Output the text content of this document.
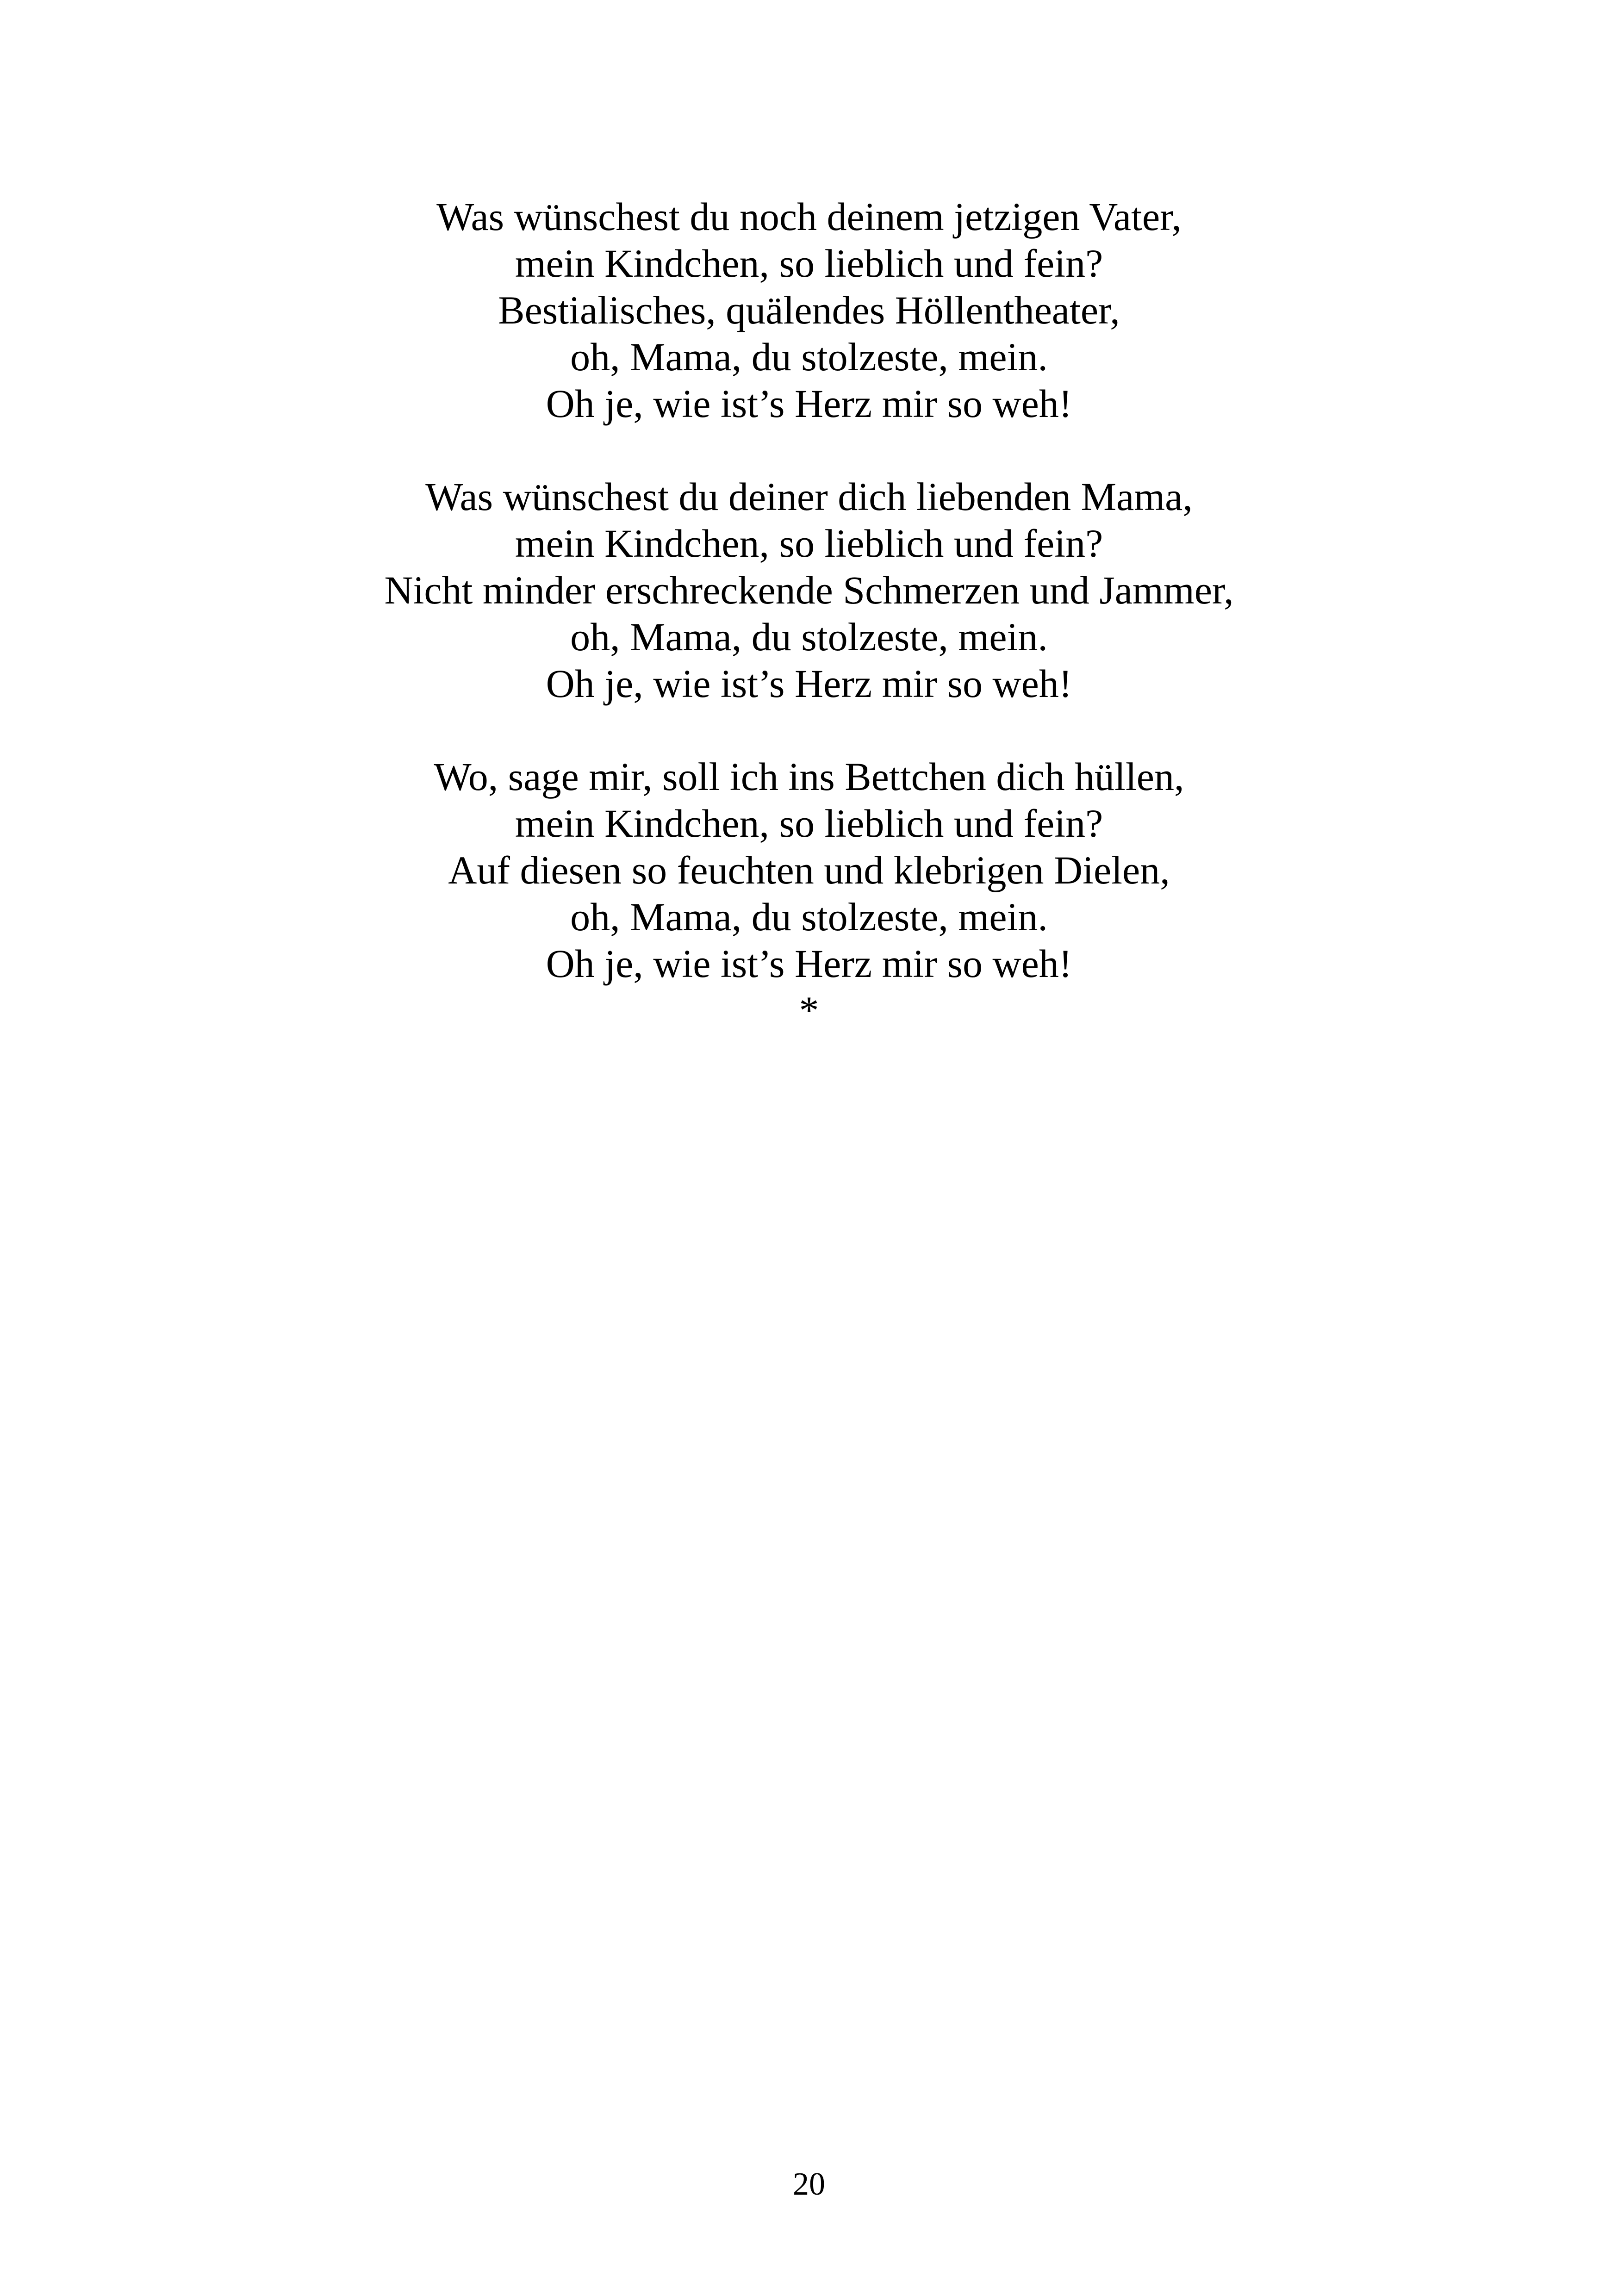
Was wünschest du noch deinem jetzigen Vater,
mein Kindchen, so lieblich und fein?
Bestialisches, quälendes Höllentheater,
oh, Mama, du stolzeste, mein.
Oh je, wie ist’s Herz mir so weh!
Was wünschest du deiner dich liebenden Mama,
mein Kindchen, so lieblich und fein?
Nicht minder erschreckende Schmerzen und Jammer,
oh, Mama, du stolzeste, mein.
Oh je, wie ist’s Herz mir so weh!
Wo, sage mir, soll ich ins Bettchen dich hüllen,
mein Kindchen, so lieblich und fein?
Auf diesen so feuchten und klebrigen Dielen,
oh, Mama, du stolzeste, mein.
Oh je, wie ist’s Herz mir so weh!
*
20
